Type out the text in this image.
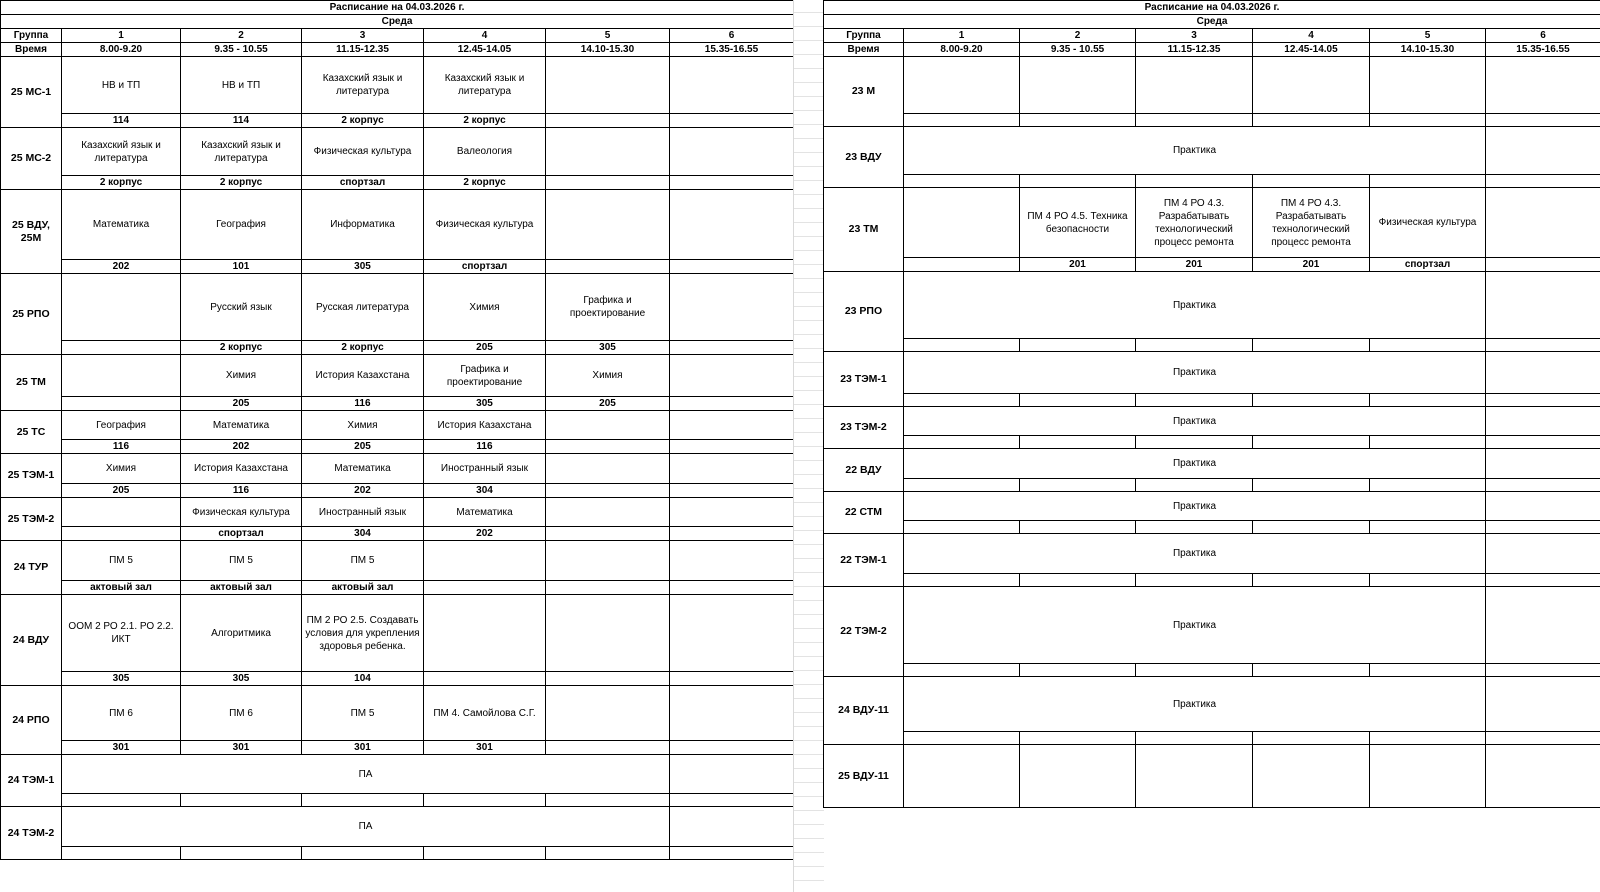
Расписание на 04.03.2026 г.						
Среда						
Группа	1	2	3	4	5	6
Время	8.00-9.20	9.35 - 10.55	11.15-12.35	12.45-14.05	14.10-15.30	15.35-16.55
25 МС-1	НВ и ТП	НВ и ТП	Казахский язык и литература	Казахский язык и литература		
	114	114	2 корпус	2 корпус		
25 МС-2	Казахский язык и литература	Казахский язык и литература	Физическая культура	Валеология		
	2 корпус	2 корпус	спортзал	2 корпус		
25 ВДУ, 25М	Математика	География	Информатика	Физическая культура		
	202	101	305	спортзал		
25 РПО		Русский язык	Русская литература	Химия	Графика и проектирование	
		2 корпус	2 корпус	205	305	
25 ТМ		Химия	История Казахстана	Графика и проектирование	Химия	
		205	116	305	205	
25 ТС	География	Математика	Химия	История Казахстана		
	116	202	205	116		
25 ТЭМ-1	Химия	История Казахстана	Математика	Иностранный язык		
	205	116	202	304		
25 ТЭМ-2		Физическая культура	Иностранный язык	Математика		
		спортзал	304	202		
24 ТУР	ПМ 5	ПМ 5	ПМ 5			
	актовый зал	актовый зал	актовый зал			
24 ВДУ	ООМ 2 РО 2.1. РО 2.2. ИКТ	Алгоритмика	ПМ 2 РО 2.5. Создавать условия для укрепления здоровья ребенка.			
	305	305	104			
24 РПО	ПМ 6	ПМ 6	ПМ 5	ПМ 4. Самойлова С.Г.		
	301	301	301	301		
24 ТЭМ-1	ПА					

24 ТЭМ-2	ПА					

Расписание на 04.03.2026 г.						
Среда						
Группа	1	2	3	4	5	6
Время	8.00-9.20	9.35 - 10.55	11.15-12.35	12.45-14.05	14.10-15.30	15.35-16.55
23 М						

23 ВДУ	Практика					

23 ТМ		ПМ 4 РО 4.5. Техника безопасности	ПМ 4 РО 4.3. Разрабатывать технологический процесс ремонта	ПМ 4 РО 4.3. Разрабатывать технологический процесс ремонта	Физическая культура	
		201	201	201	спортзал	
23 РПО	Практика					

23 ТЭМ-1	Практика					

23 ТЭМ-2	Практика					

22 ВДУ	Практика					

22 СТМ	Практика					

22 ТЭМ-1	Практика					

22 ТЭМ-2	Практика					

24 ВДУ-11	Практика					

25 ВДУ-11						
